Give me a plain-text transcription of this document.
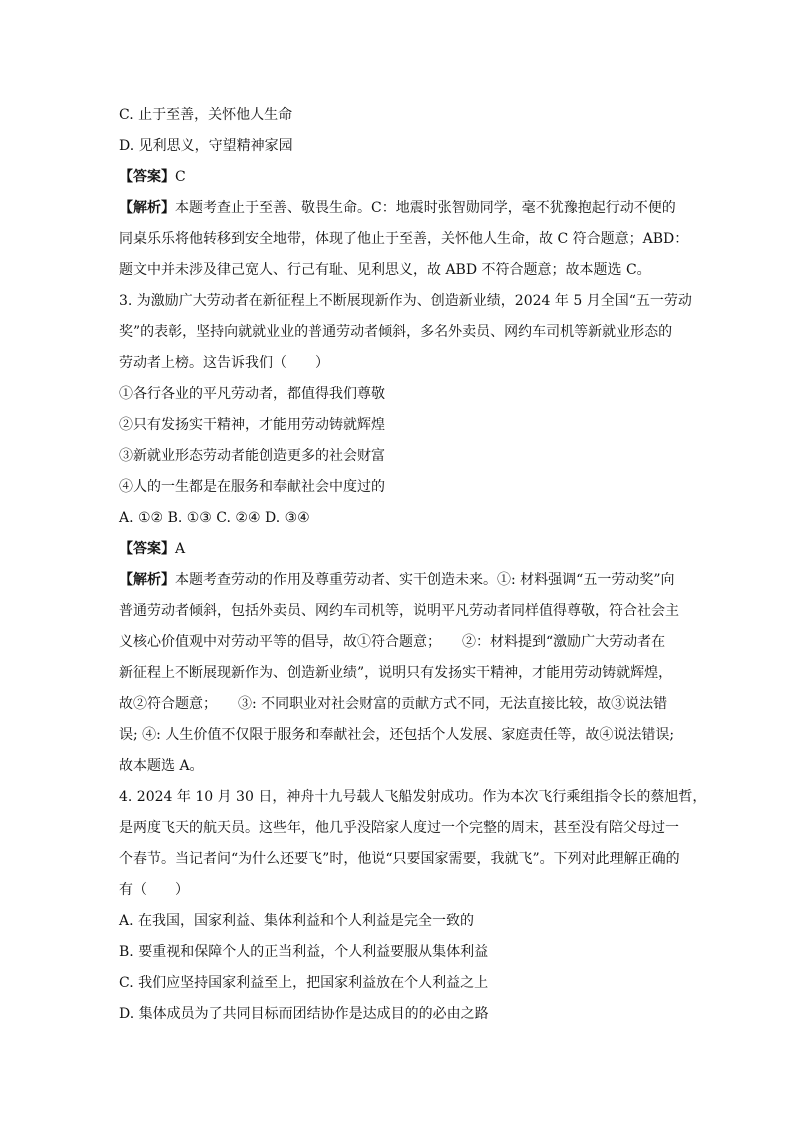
C. 止于至善，关怀他人生命
D. 见利思义，守望精神家园
【答案】C
【解析】本题考查止于至善、敬畏生命。C：地震时张智勋同学，毫不犹豫抱起行动不便的
同桌乐乐将他转移到安全地带，体现了他止于至善，关怀他人生命，故 C 符合题意；ABD：
题文中并未涉及律己宽人、行己有耻、见利思义，故 ABD 不符合题意；故本题选 C。
3. 为激励广大劳动者在新征程上不断展现新作为、创造新业绩，2024 年 5 月全国“五一劳动
奖”的表彰，坚持向就就业业的普通劳动者倾斜，多名外卖员、网约车司机等新就业形态的
劳动者上榜。这告诉我们（　　）
①各行各业的平凡劳动者，都值得我们尊敬
②只有发扬实干精神，才能用劳动铸就辉煌
③新就业形态劳动者能创造更多的社会财富
④人的一生都是在服务和奉献社会中度过的
A. ①② B. ①③ C. ②④ D. ③④
【答案】A
【解析】本题考查劳动的作用及尊重劳动者、实干创造未来。①: 材料强调“五一劳动奖”向
普通劳动者倾斜，包括外卖员、网约车司机等，说明平凡劳动者同样值得尊敬，符合社会主
义核心价值观中对劳动平等的倡导，故①符合题意；　　②：材料提到“激励广大劳动者在
新征程上不断展现新作为、创造新业绩”，说明只有发扬实干精神，才能用劳动铸就辉煌，
故②符合题意；　　③: 不同职业对社会财富的贡献方式不同，无法直接比较，故③说法错
误; ④: 人生价值不仅限于服务和奉献社会，还包括个人发展、家庭责任等，故④说法错误;
故本题选 A。
4. 2024 年 10 月 30 日，神舟十九号载人飞船发射成功。作为本次飞行乘组指令长的蔡旭哲，
是两度飞天的航天员。这些年，他几乎没陪家人度过一个完整的周末，甚至没有陪父母过一
个春节。当记者问“为什么还要飞”时，他说“只要国家需要，我就飞”。下列对此理解正确的
有（　　）
A. 在我国，国家利益、集体利益和个人利益是完全一致的
B. 要重视和保障个人的正当利益，个人利益要服从集体利益
C. 我们应坚持国家利益至上，把国家利益放在个人利益之上
D. 集体成员为了共同目标而团结协作是达成目的的必由之路
